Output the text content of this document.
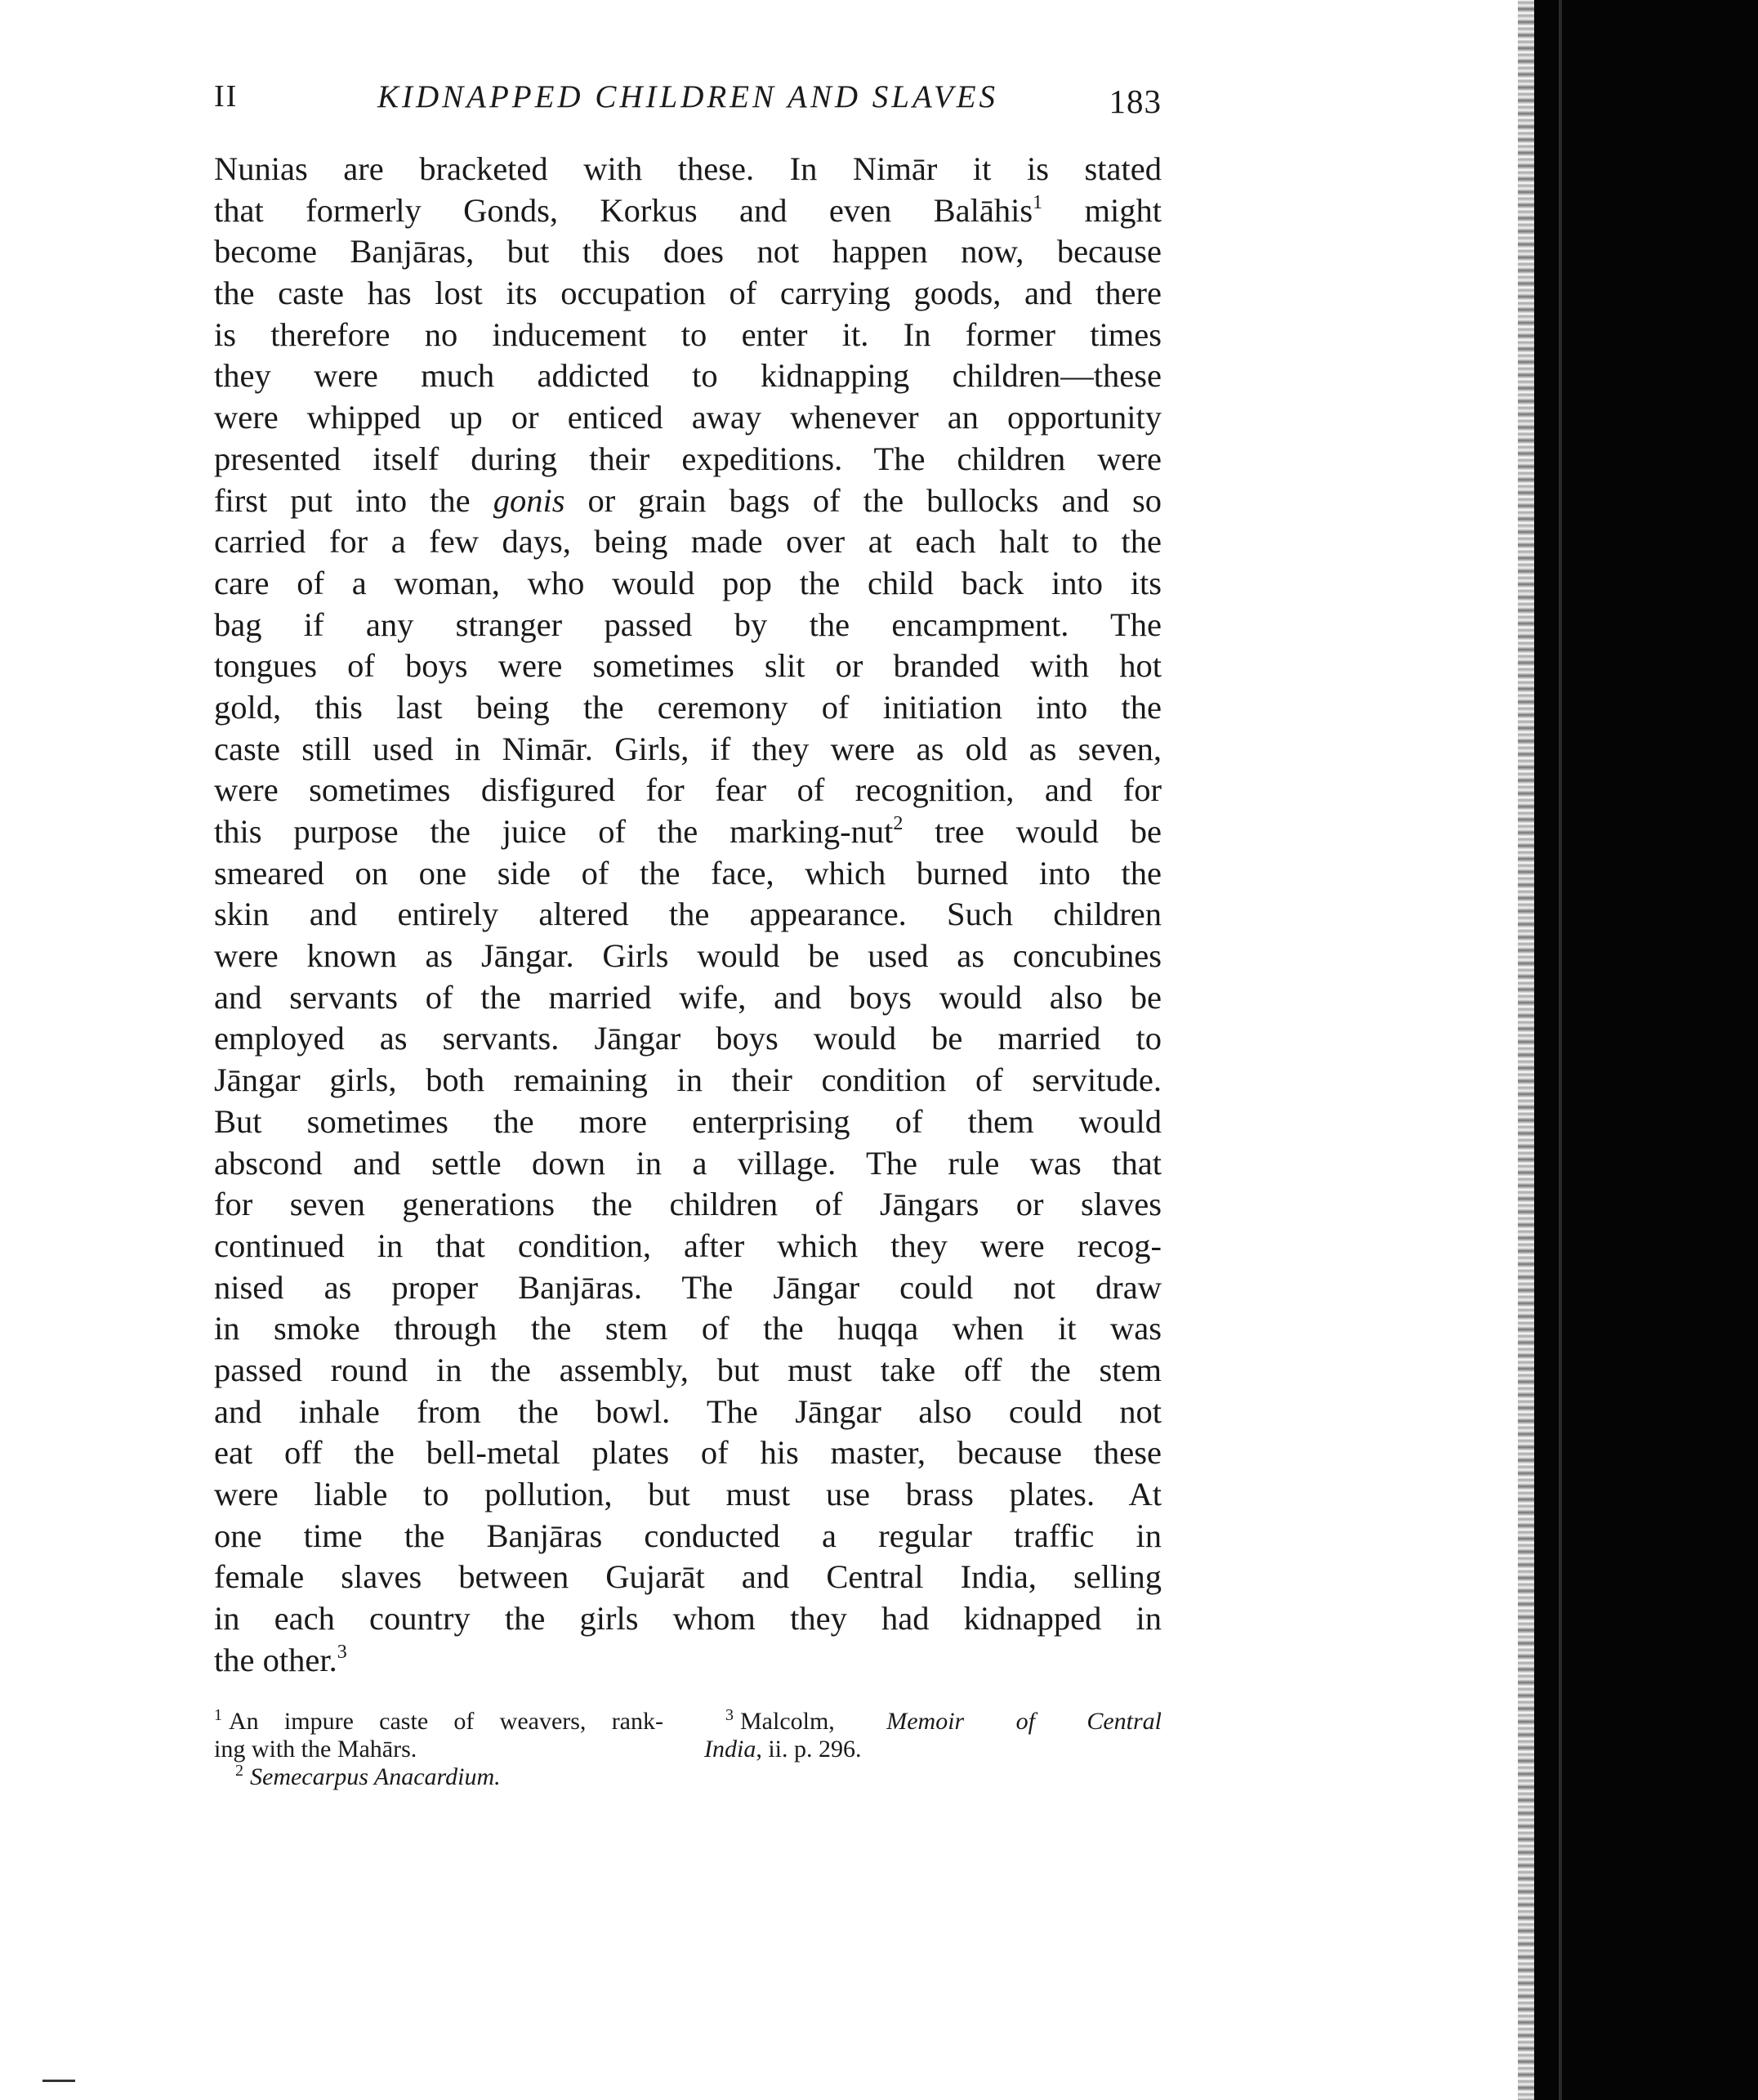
II	KIDNAPPED CHILDREN AND SLAVES	183
Nunias are bracketed with these. In Nimār it is stated
that formerly Gonds, Korkus and even Balāhis$^1$ might
become Banjāras, but this does not happen now, because
the caste has lost its occupation of carrying goods, and there
is therefore no inducement to enter it. In former times
they were much addicted to kidnapping children—these
were whipped up or enticed away whenever an opportunity
presented itself during their expeditions. The children were
first put into the gonis or grain bags of the bullocks and so
carried for a few days, being made over at each halt to the
care of a woman, who would pop the child back into its
bag if any stranger passed by the encampment. The
tongues of boys were sometimes slit or branded with hot
gold, this last being the ceremony of initiation into the
caste still used in Nimār. Girls, if they were as old as seven,
were sometimes disfigured for fear of recognition, and for
this purpose the juice of the marking-nut$^2$ tree would be
smeared on one side of the face, which burned into the
skin and entirely altered the appearance. Such children
were known as Jāngar. Girls would be used as concubines
and servants of the married wife, and boys would also be
employed as servants. Jāngar boys would be married to
Jāngar girls, both remaining in their condition of servitude.
But sometimes the more enterprising of them would
abscond and settle down in a village. The rule was that
for seven generations the children of Jāngars or slaves
continued in that condition, after which they were recog-
nised as proper Banjāras. The Jāngar could not draw
in smoke through the stem of the huqqa when it was
passed round in the assembly, but must take off the stem
and inhale from the bowl. The Jāngar also could not
eat off the bell-metal plates of his master, because these
were liable to pollution, but must use brass plates. At
one time the Banjāras conducted a regular traffic in
female slaves between Gujarāt and Central India, selling
in each country the girls whom they had kidnapped in
the other.$^3$
$^1$ An impure caste of weavers, rank-
ing with the Mahārs.
$^2$ Semecarpus Anacardium.
$^3$ Malcolm, Memoir of Central
India, ii. p. 296.
